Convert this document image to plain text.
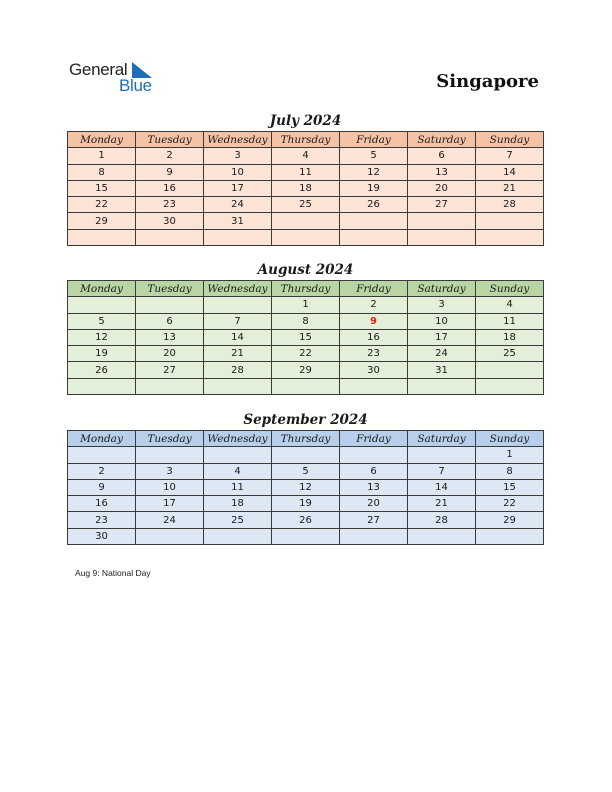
General
Blue	Singapore
July 2024
Monday	Tuesday	Wednesday	Thursday	Friday	Saturday	Sunday
1	2	3	4	5	6	7
8	9	10	11	12	13	14
15	16	17	18	19	20	21
22	23	24	25	26	27	28
29	30	31				

August 2024
Monday	Tuesday	Wednesday	Thursday	Friday	Saturday	Sunday
			1	2	3	4
5	6	7	8	9	10	11
12	13	14	15	16	17	18
19	20	21	22	23	24	25
26	27	28	29	30	31	

September 2024
Monday	Tuesday	Wednesday	Thursday	Friday	Saturday	Sunday
						1
2	3	4	5	6	7	8
9	10	11	12	13	14	15
16	17	18	19	20	21	22
23	24	25	26	27	28	29
30						
Aug 9: National Day
